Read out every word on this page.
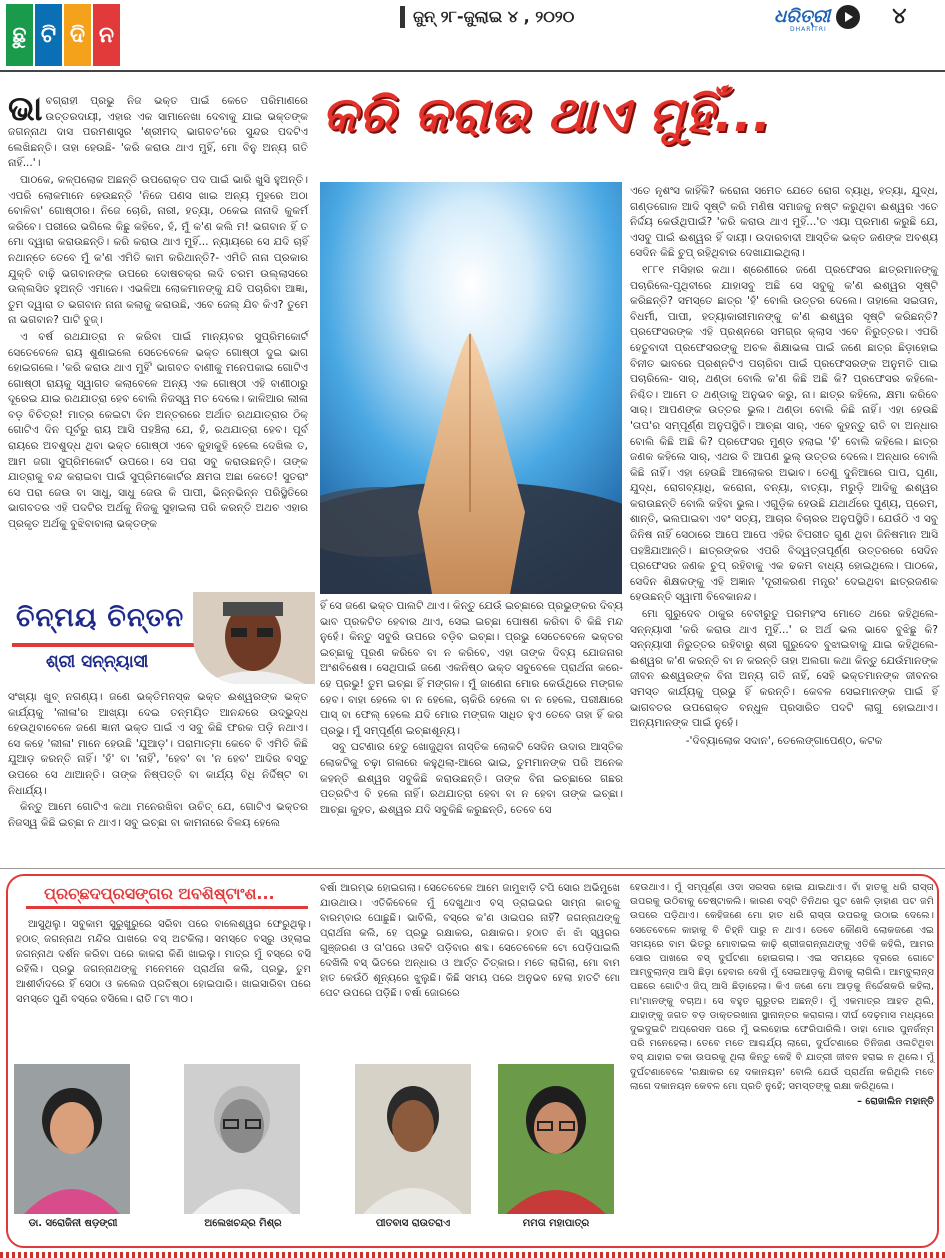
ଛୁ ଟି ଦି ନ
ଜୁନ୍ ୨୮-ଜୁଲାଇ ୪ , ୨୦୨୦	ଧରିତ୍ରୀ	୪
DHARITRI
କରି କରାଉ ଥାଏ ମୁହିଁ...

ଭାବଗ୍ରାହୀ ପ୍ରଭୁ ନିଜ ଭକ୍ତ ପାଇଁ କେତେ ପରିମାଣରେ ଉତ୍ତରଦାୟୀ, ଏହାର ଏକ ସାମାନେଖା ଦେବାକୁ ଯାଇ ଭକ୍ତଙ୍କ ଜଗନ୍ନାଥ ଦାସ ପରମଶାସ୍ତ୍ର 'ଶ୍ରୀମଦ୍ ଭାଗବତ'ରେ ସୁନ୍ଦର ପଦଟିଏ ଲେଖିଛନ୍ତି। ତାହା ହେଉଛି- 'କରି କରାଉ ଥାଏ ମୁହିଁ, ମୋ ବିନୁ ଅନ୍ୟ ଗତି ନାହିଁ...'।

ପାଠକେ, କଳ୍ପଲୋକ ଅଛନ୍ତି ଉପରୋକ୍ତ ପଦ ପାଇଁ ଭାରି ଖୁସି ହୁଅନ୍ତି। ଏପରି ଲୋକମାନେ ହେଉଛନ୍ତି 'ନିଜେ ପଣସ ଖାଇ ଅନ୍ୟ ମୁହରେ ଅଠା ବୋଳିବା' ଗୋଷ୍ଠୀର। ନିଜେ ଚୋରି, ନାରୀ, ହତ୍ୟା, ଠକେଇ ନାନାଦି କୁକର୍ମ କରିବେ। ପରୀରେ ଭଗିଲେ କିଛୁ କହିବେ, ହଁ, ମୁଁ କ'ଣ କଲି ମ! ଭଗବାନ ହିଁ ତ ମୋ ଦ୍ୱାରା କରାଉଛନ୍ତି। କରି କରାଉ ଥାଏ ମୁହିଁ... ନ୍ୟାୟରେ ସେ ଯଦି ଚାହିଁ ନଥାନ୍ତେ ତେବେ ମୁଁ କ'ଣ ଏମିତି କାମ କରିଥାନ୍ତି?- ଏମିତି ନାନା ପ୍ରକାର ଯୁକ୍ତି ବାଢ଼ି ଭଗବାନଙ୍କ ଉପରେ ଦୋଷଚକ୍ର ଲଦି ଚରମ ଉଲ୍ଲାସରେ ଉଲ୍ଲସିତ ହୁଅନ୍ତି ଏମାନେ। ଏଭଳିଆ ଲୋକମାନଙ୍କୁ ଯଦି ପଚାରିବା ଆଜ୍ଞା, ତୁମ ଦ୍ୱାରା ତ ଭଗବାନ ନାନା କଲାକୁ କରାଉଛି, ଏବେ ଜେଲ୍ ଯିବ କିଏ? ତୁମେ ନା ଭଗବାନ? ପାଟି ବୁଜ୍।

ଏ ବର୍ଷ ରଥଯାତ୍ରା ନ କରିବା ପାଇଁ ମାନ୍ୟବର ସୁପ୍ରିମକୋର୍ଟ ସେତେବେଳେ ରାୟ ଶୁଣାଇଲେ ସେତେବେଳେ ଭକ୍ତ ଗୋଷ୍ଠୀ ଦୁଇ ଭାଗ ହୋଇଗଲେ। 'କରି କରାଉ ଥାଏ ମୁହିଁ' ଭାଗବତ ବାଣୀକୁ ମନେପକାଇ ଗୋଟିଏ ଗୋଷ୍ଠୀ ରାୟକୁ ସ୍ୱାଗତ କଲାବେଳେ ଅନ୍ୟ ଏକ ଗୋଷ୍ଠୀ ଏହି ବାଣୀଠାରୁ ଦୂରେଇ ଯାଇ ରଥଯାତ୍ରା ହେବ ବୋଲି ନିଜସ୍ୱ ମତ ଦେଲେ। କାଳିଆର ଲୀଳା ବଡ଼ ବିଚିତ୍ର! ମାତ୍ର କେଇଟା ଦିନ ଅନ୍ତରରେ ଅର୍ଥାତ ରଥଯାତ୍ରାର ଠିକ୍ ଗୋଟିଏ ଦିନ ପୂର୍ବରୁ ରାୟ ଆସି ପହଞ୍ଚିଲା ଯେ, ହଁ, ରଥଯାତ୍ରା ହେବ। ପୂର୍ବ ରାୟରେ ଅବଶୁଦ୍ଧ ଥିବା ଭକ୍ତ ଗୋଷ୍ଠୀ ଏବେ କୁହାକୁହି ହେଲେ ଦେଖିଲ ତ, ଆମ ଜଗା ସୁପ୍ରିମକୋର୍ଟ ଉପରେ। ସେ ପରା ସବୁ କରାଉଛନ୍ତି। ତାଙ୍କ ଯାତ୍ରାକୁ ବନ୍ଦ କରାଇବା ପାଇଁ ସୁପ୍ରିମକୋର୍ଟର କ୍ଷମତା ଅଛା କେତେ! ସୁତରାଂ ସେ ପରା ଜେଉ ବା ସାଧୁ, ସାଧୁ ଜେଉ କି ପାପୀ, ଭିନ୍ନଭିନ୍ନ ପରିସ୍ଥିତିରେ ଭାଗବତର ଏହି ପଦଟିର ଅର୍ଥକୁ ନିଜକୁ ସୁହାଇଲା ପରି କରନ୍ତି ଅଥଚ ଏହାର ପ୍ରକୃତ ଅର୍ଥକୁ ବୁଝିବାବାଲା ଭକ୍ତଙ୍କ

ଚିନ୍ମୟ ଚିନ୍ତନ
ଶ୍ରୀ ସନ୍ନ୍ୟାସୀ

ଏତେ ନୃଶଂସ କାହିଁକି? କରୋନା ସମେତ ଯେତେ ରୋଗ ବ୍ୟାଧି, ହତ୍ୟା, ଯୁଦ୍ଧ, ଗଣ୍ଡଗୋଳ ଆଦି ସୃଷ୍ଟି କରି ମଣିଷ ସମାଜକୁ ନଷ୍ଟ କରୁଥିବା ଈଶ୍ୱର ଏତେ ନିର୍ଦ୍ଦୟ କେଉଁଥିପାଇଁ? 'କରି କରାଉ ଥାଏ ମୁହିଁ...'ତ ଏୟା ପ୍ରମାଣ କରୁଛି ଯେ, ଏସବୁ ପାଇଁ ଈଶ୍ୱର ହିଁ ଦାୟୀ। ଉଦାରବାଦୀ ଆସ୍ତିକ ଭକ୍ତ ଜଣଙ୍କ ଅବଶ୍ୟ ସେଦିନ କିଛି ଚୁପ୍ ରହିଥିବାର ଦେଖାଯାଇଥିଲା।

୧୮୮୧ ମସିହାର କଥା। ଶ୍ରେଣୀରେ ଜଣେ ପ୍ରଫେସର ଛାତ୍ରମାନଙ୍କୁ ପଚାରିଲେ-ପୃଥିବୀରେ ଯାହାସବୁ ଅଛି ସେ ସବୁକୁ କ'ଣ ଈଶ୍ୱର ସୃଷ୍ଟି କରିଛନ୍ତି? ସମସ୍ତେ ଛାତ୍ର 'ହଁ' ବୋଲି ଉତ୍ତର ଦେଲେ। ତାହାଲେ ସଇତାନ, ବିଧର୍ମୀ, ପାପୀ, ହତ୍ୟାକାରୀମାନଙ୍କୁ କ'ଣ ଈଶ୍ୱର ସୃଷ୍ଟି କରିଛନ୍ତି? ପ୍ରଫେସରଙ୍କ ଏହି ପ୍ରଶ୍ନରେ ସମଗ୍ର କ୍ଲାସ ଏବେ ନିରୁତ୍ତର। ଏପରି ହେତୁବାଦୀ ପ୍ରଫେସରଙ୍କୁ ଅଚଳ ଶିକ୍ଷାଭଳା ପାଇଁ ଜଣେ ଛାତ୍ର ଛିଡ଼ାହୋଇ ବିନୀତ ଭାବରେ ପ୍ରଶ୍ନଟିଏ ପଚାରିବା ପାଇଁ ପ୍ରଫେସରଙ୍କ ଅନୁମତି ପାଇ ପଚାରିଲେ- ସାର୍, ଥଣ୍ଡା ବୋଲି କ'ଣ କିଛି ଅଛି କି? ପ୍ରଫେସର କହିଲେ-ନିଶ୍ଚିତ। ଆମେ ତ ଥଣ୍ଡାକୁ ଅନୁଭବ କରୁ, ନା। ଛାତ୍ର କହିଲେ, କ୍ଷମା କରିବେ ସାର୍। ଆପଣଙ୍କ ଉତ୍ତର ଭୁଲ। ଥଣ୍ଡା ବୋଲି କିଛି ନାହିଁ। ଏହା ହେଉଛି 'ତାପ'ର ସମ୍ପୂର୍ଣ୍ଣ ଅନୁପସ୍ଥିତି। ଆଚ୍ଛା ସାର୍, ଏବେ କୁହନ୍ତୁ ରାତି ବା ଅନ୍ଧାର ବୋଲି କିଛି ଅଛି କି? ପ୍ରଫେସର ମୁଣ୍ଡ ହଲାଇ 'ହଁ' ବୋଲି କହିଲେ। ଛାତ୍ର ଜଣକ କହିଲେ ସାର୍, ଏଥର ବି ଆପଣ ଭୁଲ୍ ଉତ୍ତର ଦେଲେ। ଅନ୍ଧାର ବୋଲି କିଛି ନାହିଁ। ଏହା ହେଉଛି ଆଲୋକର ଅଭାବ। ତେଣୁ ଦୁନିଆରେ ପାପ, ଘୃଣା, ଯୁଦ୍ଧ, ରୋଗବ୍ୟାଧି, କରୋନା, ବନ୍ୟା, ବାତ୍ୟା, ମରୁଡ଼ି ଆଦିକୁ ଈଶ୍ୱର କରାଉଛନ୍ତି ବୋଲି କହିବା ଭୁଲ। ଏଗୁଡ଼ିକ ହେଉଛି ଯଥାର୍ଥରେ ପୁଣ୍ୟ, ପ୍ରେମ, ଶାନ୍ତି, ଭଲପାଇବା ଏବଂ ସତ୍ୟ, ଆଚାର ବିଚାରର ଅନୁପସ୍ଥିତି। ଯେଉଁଠି ଏ ସବୁ ଜିନିଷ ନାହିଁ ସେଠାରେ ଆପେ ଆପେ ଏହିର ବିପରୀତ ଗୁଣ ଥିବା ଜିନିଷମାନ ଆସି ପହଞ୍ଚିଯାଆନ୍ତି। ଛାତ୍ରଙ୍କର ଏପରି ବିଦ୍ୱତ୍ତାପୂର୍ଣ୍ଣ ଉତ୍ତରରେ ସେଦିନ ପ୍ରଫେସର ଜଣକ ଚୁପ୍ ରହିବାକୁ ଏକ ଢକମ ବାଧ୍ୟ ହୋଇଥିଲେ। ପାଠକେ, ସେଦିନ ଶିକ୍ଷକଙ୍କୁ ଏହି ଅଜ୍ଞାନ 'ଦୂରୀକରଣ ମନ୍ତ୍ର' ଦେଇଥିବା ଛାତ୍ରଜଣକ ହେଉଛନ୍ତି ସ୍ୱାମୀ ବିବେକାନନ୍ଦ।

ମୋ ଗୁରୁଦେବ ଠାକୁର ବେବୀରୁତୁ ପରମହଂସ ମୋତେ ଥରେ କହିଥିଲେ-ସନ୍ନ୍ୟାସୀ 'କରି କରାଉ ଥାଏ ମୁହିଁ...' ର ଅର୍ଥ ଭଲ ଭାବେ ବୁଝିଛୁ କି? ସନ୍ନ୍ୟାସୀ ନିରୁତ୍ତର ରହିବାରୁ ଶ୍ରୀ ଗୁରୁଦେବ ବୁଝାଇବାକୁ ଯାଇ କହିଥିଲେ-ଈଶ୍ୱର କ'ଣ କରନ୍ତି ବା ନ କରନ୍ତି ତାହା ଅଲଗା କଥା କିନ୍ତୁ ଯେଉଁମାନଙ୍କ ଜୀବନ ଈଶ୍ୱରଙ୍କ ବିନା ଅନ୍ୟ ଗତି ନାହିଁ, ସେହି ଭକ୍ତମାନଙ୍କ ଜୀବନର ସମସ୍ତ କାର୍ଯ୍ୟକୁ ପ୍ରଭୁ ହିଁ କରନ୍ତି। କେବଳ ସେଇମାନଙ୍କ ପାଇଁ ହିଁ ଭାଗବତର ଉପରୋକ୍ତ ବନ୍ଧୁଳ ପ୍ରସାରିତ ପଦଟି ଲାଗୁ ହୋଇଥାଏ। ଅନ୍ୟମାନଙ୍କ ପାଇଁ ନୁହେଁ।

-'ଦିବ୍ୟାଲୋକ ସଦାନ', ତେଲେଙ୍ଗାପେଣ୍ଠ, କଟକ

ସଂଖ୍ୟା ଖୁବ୍ ନଗଣ୍ୟ। ଜଣେ ଭକ୍ତିମନସ୍କ ଭକ୍ତ ଈଶ୍ୱରଙ୍କ ଭକ୍ତ କାର୍ଯ୍ୟକୁ 'ଲୀଳା'ର ଆଖ୍ୟା ଦେଇ ତନ୍ମୟିତ ଆନନ୍ଦରେ ଉଦ୍ଭୁଦ୍ଧ ହେଉଥିବାବେଳେ ଜଣେ ଜ୍ଞାନୀ ଭକ୍ତ ପାଇଁ ଏ ସବୁ କିଛି ଫରକ ପଡ଼ି ନଥାଏ। ସେ କହେ 'ଲୀଳା' ମାନେ ହେଉଛି 'ଯୁଆଡ଼'। ପରାମାତ୍ମା କେବେ ବି ଏମିତି କିଛି ଯୁଆଡ଼ କରନ୍ତି ନାହିଁ। 'ହଁ' ବା 'ନାହିଁ', 'ହେବ' ବା 'ନ ହେବ' ଆଦିର ବସ୍ତୁ ଉପରେ ସେ ଥାଆନ୍ତି। ତାଙ୍କ ନିଷ୍ପତ୍ତି ବା କାର୍ଯ୍ୟ ବିଧି ନିର୍ଦ୍ଦିଷ୍ଟ ବା ନିଧାର୍ଯ୍ୟ।

କିନ୍ତୁ ଆମେ ଗୋଟିଏ କଥା ମନେରଖିବା ଉଚିତ୍ ଯେ, ଗୋଟିଏ ଭକ୍ତର ନିଜସ୍ୱ କିଛି ଇଚ୍ଛା ନ ଥାଏ। ସବୁ ଇଚ୍ଛା ବା କାମନାରେ ବିଳୟ ହେଲେ

ହିଁ ସେ ଜଣେ ଭକ୍ତ ପାଲଟି ଥାଏ। କିନ୍ତୁ ଯେଉଁ ଇଚ୍ଛାରେ ପ୍ରଭୁଙ୍କର ଦିବ୍ୟ ଭାବ ପ୍ରକଟିତ ହେବାର ଥାଏ, ସେଇ ଇଚ୍ଛା ପୋଷଣ କରିବା ବି କିଛି ମନ୍ଦ ନୁହେଁ। କିନ୍ତୁ ସବୁରି ଉପରେ ବଡ଼ିବ ଇଚ୍ଛା। ପ୍ରଭୁ ସେତେବେଳେ ଭକ୍ତର ଇଚ୍ଛାକୁ ପୂରଣ କରିବେ ବା ନ କରିବେ, ଏହା ତାଙ୍କ ଦିବ୍ୟ ଯୋଜନାର ଅଂଶବିଶେଷ। ସେଥିପାଇଁ ଜଣେ ଏକନିଷ୍ଠ ଭକ୍ତ ସବୁବେଳେ ପ୍ରାର୍ଥନା କରେ- ହେ ପ୍ରଭୁ! ତୁମ ଇଚ୍ଛା ହିଁ ମଙ୍ଗଳ। ମୁଁ ଜାଣେନା ମୋର କେଉଁଥିରେ ମଙ୍ଗଳ ହେବ। ବାହା ହେଲେ ବା ନ ହେଲେ, ଚାକିରି ହେଲେ ବା ନ ହେଲେ, ପରୀକ୍ଷାରେ ପାସ୍ ବା ଫେଲ୍ ହେଲେ ଯଦି ମୋର ମଙ୍ଗଳ ସାଧିତ ହୁଏ ତେବେ ତାହା ହିଁ କର ପ୍ରଭୁ। ମୁଁ ସମ୍ପୂର୍ଣ୍ଣ ଇଚ୍ଛାଶୂନ୍ୟ।

ସବୁ ଘଟଣାର ହେତୁ ଖୋଜୁଥିବା ନାସ୍ତିକ ଲୋକଟି ସେଦିନ ଉଦାର ଆସ୍ତିକ ଲୋକଟିକୁ ଚଢ଼ା ଗଳାରେ କହୁଥିଲା-ଆରେ ଭାଇ, ତୁମମାନଙ୍କ ପରି ଅନେକ କହନ୍ତି ଈଶ୍ୱର ସବୁକିଛି କରାଉଛନ୍ତି। ତାଙ୍କ ବିନା ଇଚ୍ଛାରେ ଗଛର ପତ୍ରଟିଏ ବି ହଲେ ନାହିଁ। ରଥଯାତ୍ରା ହେବା ବା ନ ହେବା ତାଙ୍କ ଇଚ୍ଛା। ଆଚ୍ଛା କୁହତ, ଈଶ୍ୱର ଯଦି ସବୁକିଛି କରୁଛନ୍ତି, ତେବେ ସେ

ପ୍ରଚ୍ଛଦପ୍ରସଙ୍ଗର ଅବଶିଷ୍ଟାଂଶ...

ଆସୁଥିଲୁ। ସବୁକାମ ସୁରୁଖୁରୁରେ ସରିବା ପରେ ବାଲେଶ୍ୱର ଫେରୁଥିଲୁ। ହଠାତ୍ ଜଗନ୍ନାଥ ମନ୍ଦିର ପାଖରେ ବସ୍ ଅଟକିଲା। ସମସ୍ତେ ବସ୍‌ରୁ ଓହ୍ଲାଇ ଜଗନ୍ନାଥ ଦର୍ଶନ କରିବା ପରେ କାକରା କିଣି ଖାଇଲୁ। ମାତ୍ର ମୁଁ ବସ୍‌ରେ ବସି ରହିଲି। ପ୍ରଭୁ ଜଗନ୍ନାଥଙ୍କୁ ମନେମନେ ପ୍ରାର୍ଥନା କଲି, ପ୍ରଭୁ, ତୁମ ଆଶୀର୍ବାଦରେ ହିଁ ସେଠା ଓ କଲେଜ ପ୍ରତିଷ୍ଠା ହୋଇପାରି। ଖାଇସାରିବା ପରେ ସମସ୍ତେ ପୁଣି ବସ୍‌ରେ ବସିଲେ। ରାତି ୮ଟା ୩୦।

ବର୍ଷା ଆରମ୍ଭ ହୋଇଗଲା। ସେତେବେଳେ ଆମେ ଜାମୁଝାଡ଼ି ଟପି ସୋର ଅଭିମୁଖେ ଯାଉଥାଉ। ଏତିକିବେଳେ ମୁଁ ଦେଖୁଥାଏ ବସ୍ ଡ୍ରାଇଭର ସାମ୍ନା କାଚକୁ ବାରମ୍ବାର ପୋଛୁଛି। ଭାବିଲି, ବସ୍‌ରେ କ'ଣ ଓାଇପର ନାହିଁ? ଜଗନ୍ନାଥଙ୍କୁ ପ୍ରାର୍ଥନା କଲି, ହେ ପ୍ରଭୁ ରକ୍ଷାକର, ରକ୍ଷାକର। ହଠାତ ଝାଁ ଝାଁ ସ୍ୱରର ଗୁଞ୍ଜରଣ ଓ ତା'ପରେ ଓଳଟି ପଡ଼ିବାର ଶବ୍ଦ। ସେତେବେଳେ ଟୋ ପେଡ଼ିପାଇଲି ଦେଖିଲି ବସ୍ ଭିତରେ ଅନ୍ଧାର ଓ ଆର୍ତ୍ତ ଚିତ୍କାର। ମତେ ଲାଗିଲା, ମୋ ବାମ ହାତ କେଉଁଠି ଶୂନ୍ୟରେ ଝୁଲୁଛି। କିଛି ସମୟ ପରେ ଅନୁଭବ ହେଲା ହାତଟି ମୋ ପେଟ ଉପରେ ପଡ଼ିଛି। ବର୍ଷା ଜୋରରେ

ହେଉଥାଏ। ମୁଁ ସମ୍ପୂର୍ଣ୍ଣ ଓଦା ସରସର ହୋଇ ଯାଇଥାଏ। ବାଁ ହାତକୁ ଧରି ରାସ୍ତା ଉପରକୁ ଉଠିବାକୁ ଚେଷ୍ଟାକଲି। କାରଣ ବସ୍‌ଟି ତିନିଥର ପୁଟ ଖେଳି ଡ଼ାହାଣ ପଟ ଜମି ଉପରେ ପଡ଼ିଥାଏ। କେହିଜଣେ ମୋ ହାତ ଧରି ରାସ୍ତା ଉପରକୁ ଉଠାଇ ଦେଲେ। ସେତେବେଳେ କାହାକୁ ବି ଚିହ୍ନି ପାରୁ ନ ଥାଏ। ଡେବେ କୌଣସି ଲୋକଜଣେ ଏଇ ସମୟରେ ବାମ ଭିତରୁ ମୋବାଇଲ କାଢ଼ି ଶ୍ରୀଜଗନ୍ନାଥଙ୍କୁ ଏତିକି କହିଲି, ଆମର ସୋର ପାଖରେ ବସ୍ ଦୁର୍ଘଟଣା ହୋଇଗଲା। ଏଇ ସମୟରେ ଦୂରରେ ଗୋଟେ ଆମ୍ବୁଲାନ୍ସ ଆସି ଛିଡ଼ା ହେବାର ଦେଖି ମୁଁ ସେଇଆଡ଼କୁ ଯିବାକୁ ଲାଗିଲି। ଆମ୍ବୁଲାନ୍ସ ପଛରେ ଗୋଟିଏ ଜିପ୍ ଆସି ଛିଡ଼ାହେଲା। କିଏ ଜଣେ ମୋ ଆଡ଼କୁ ନିର୍ଦ୍ଦେଶକରି କହିଲା, ମା'ମାନଙ୍କୁ ବଚାଅ। ସେ ବହୁତ ଗୁରୁତର ଅଛନ୍ତି। ମୁଁ ଏକମାତ୍ର ଆହତ ଥିଲି, ଯାହାଙ୍କୁ ଜଗତ ବଡ଼ ଡାକ୍ତରଖାନା ସ୍ଥାନାନ୍ତର କରାଗଲା। ଦୀର୍ଘ ଦେଢ଼ମାସ ମଧ୍ୟରେ ଦୁଇଦୁଇଟି ଅପ୍ରେସନ ପରେ ମୁଁ ଭଲହୋଇ ଫେରିପାରିଲି। ଡାହା ମୋର ପୁନର୍ଜନ୍ମ ପରି ମନେହେଲା। ତେବେ ମତେ ଆଶ୍ଚର୍ଯ୍ୟ ଲାଗେ, ଦୁର୍ଘଟଣାରେ ତିନିଜଣ ଓଲଟିଥିବା ବସ୍ ଯାହାର ଚକା ଉପରକୁ ଥିଲା କିନ୍ତୁ କେହି ବି ଯାତ୍ରୀ ଜୀବନ ହରାଇ ନ ଥିଲେ। ମୁଁ ଦୁର୍ଘଟଣାବେଳେ 'ରକ୍ଷାକର ହେ ଦକାନୟନ' ବୋଲି ଯେଉଁ ପ୍ରାର୍ଥନା କରିଥିଲି ମତେ ଲାଗେ ଦକାନୟନ କେବଳ ମୋ ପ୍ରତି ନୁହେଁ; ସମସ୍ତଙ୍କୁ ରକ୍ଷା କରିଥିଲେ।

– ରୋଜାଲିନ ମହାନ୍ତି

ଡା. ସରୋଜିନୀ ଷଡ଼ଙ୍ଗୀ	ଅଲେଖଚନ୍ଦ୍ର ମିଶ୍ର	ପୀତବାସ ରାଉତରାଏ	ମମତା ମହାପାତ୍ର
